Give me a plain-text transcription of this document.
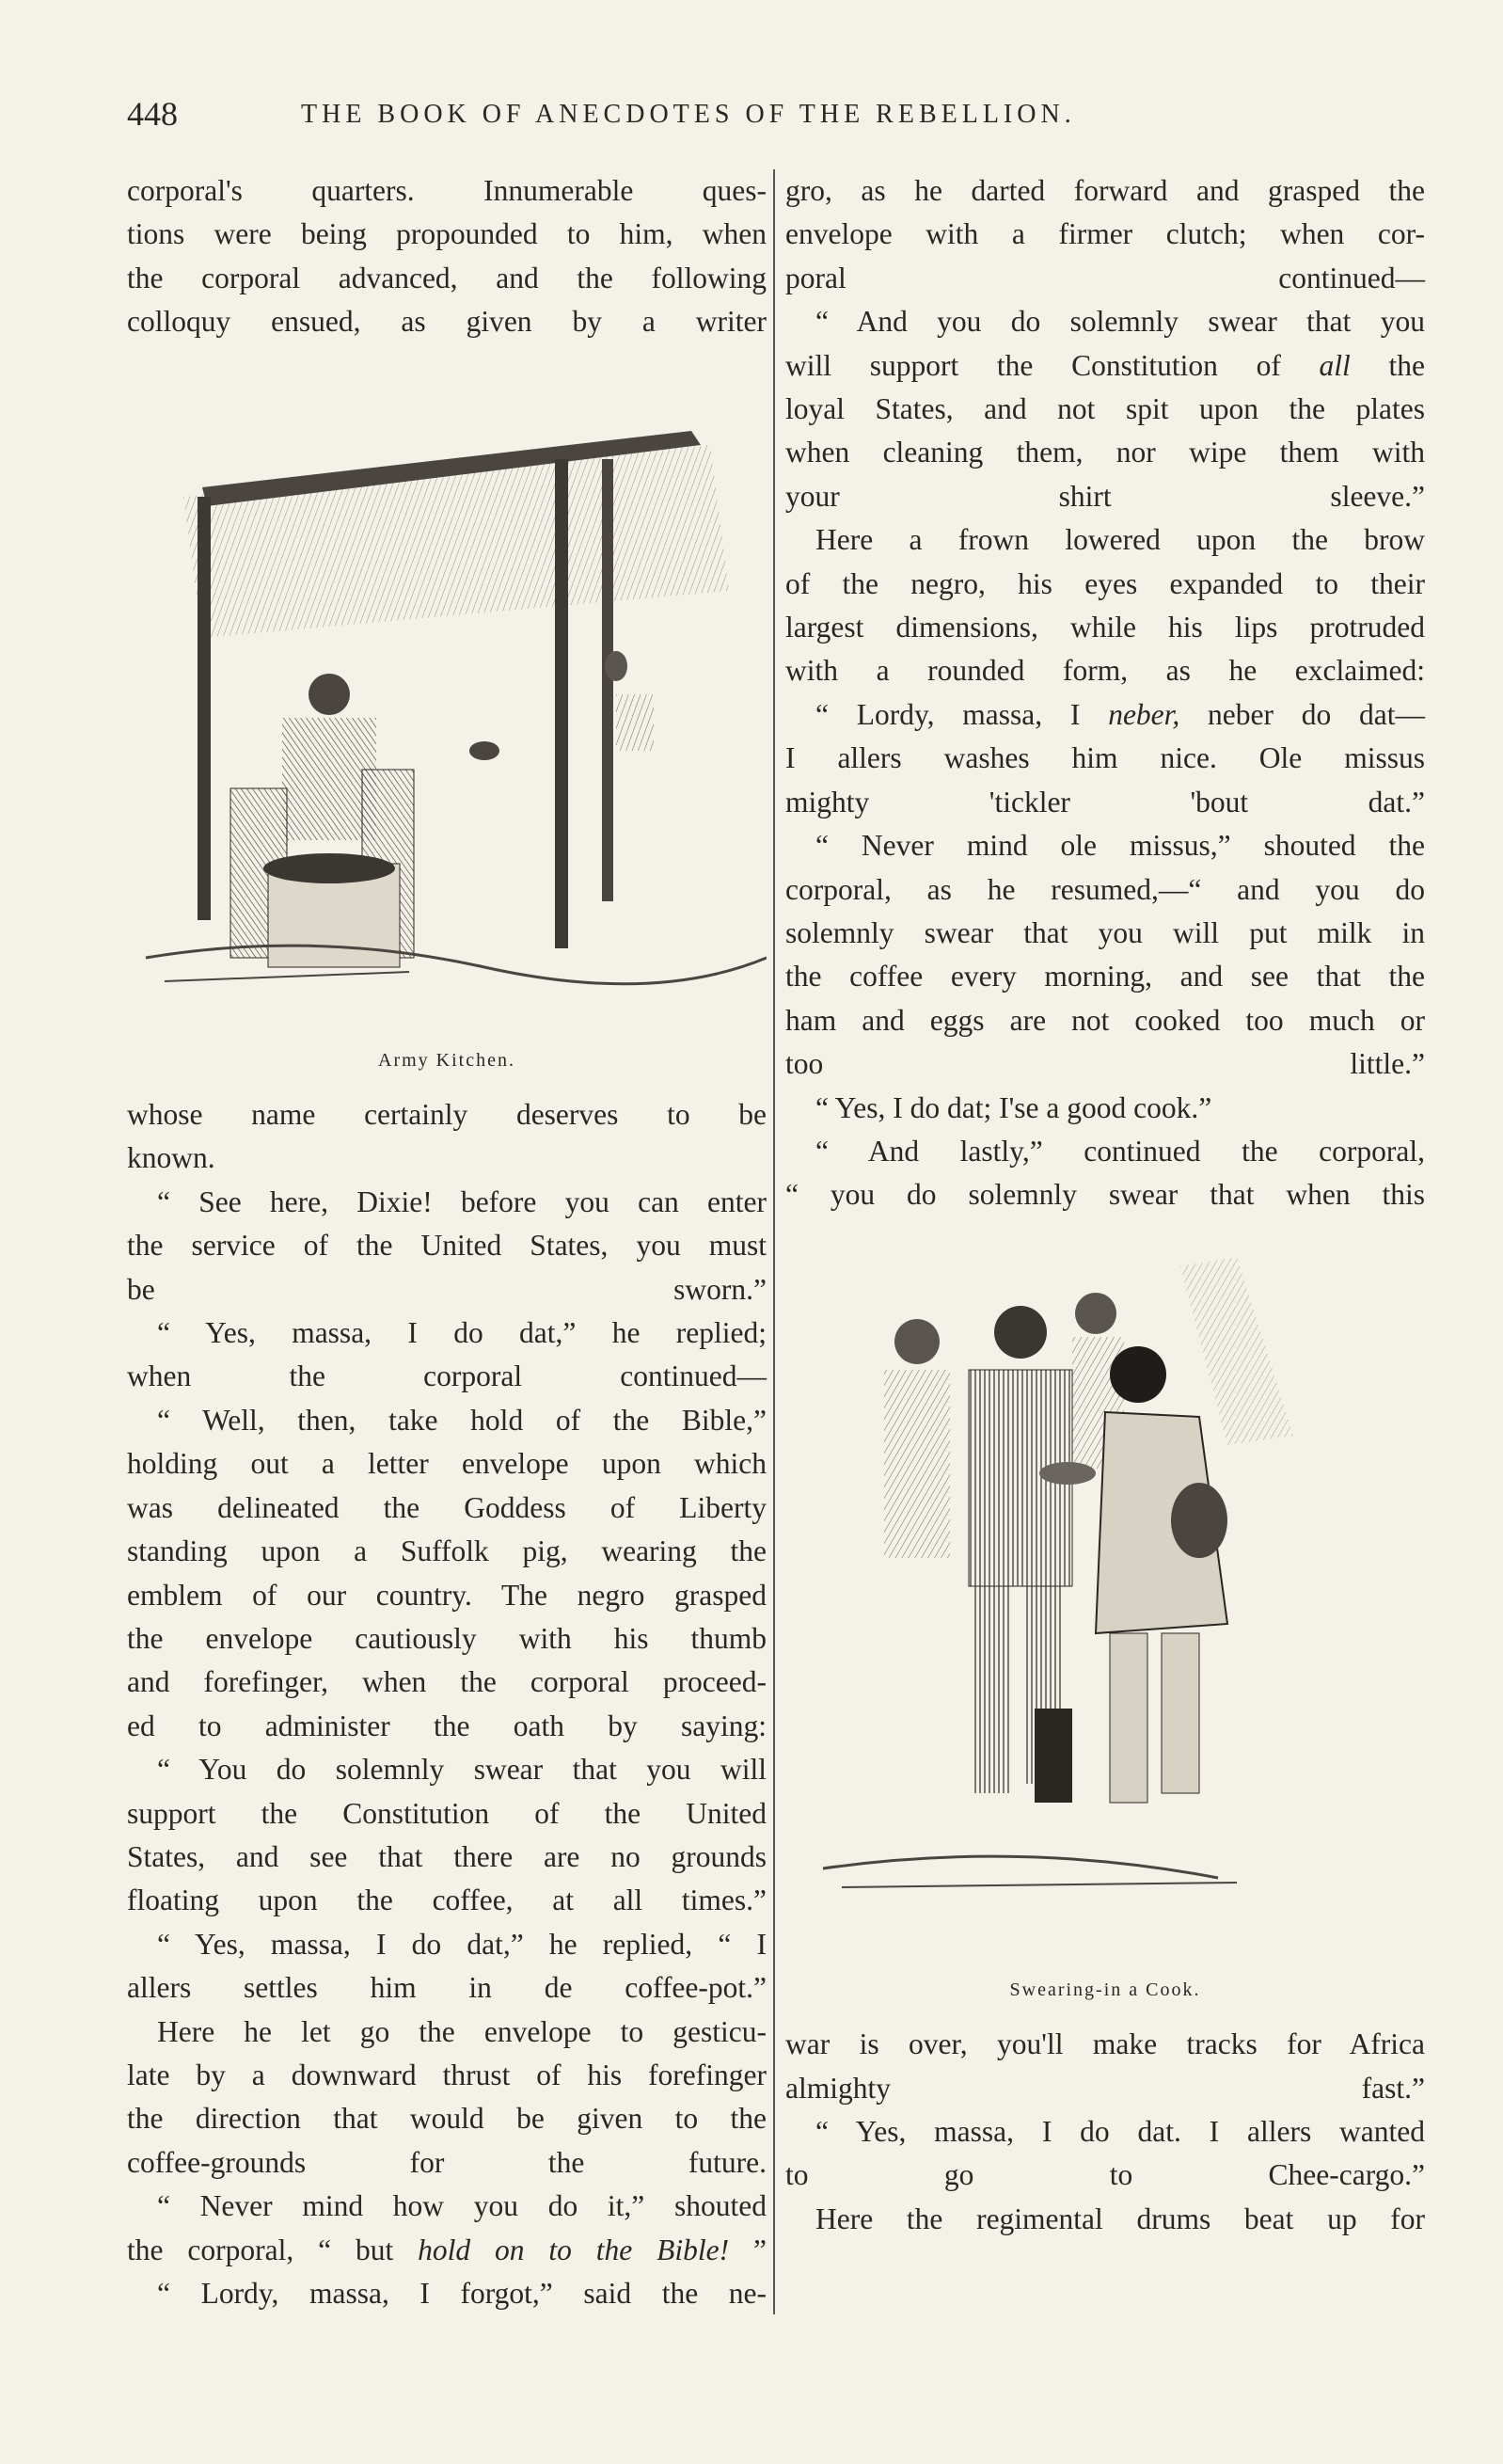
448	THE BOOK OF ANECDOTES OF THE REBELLION.

corporal's quarters. Innumerable ques-
tions were being propounded to him, when
the corporal advanced, and the following
colloquy ensued, as given by a writer

Army Kitchen.

whose name certainly deserves to be
known.

“ See here, Dixie! before you can enter
the service of the United States, you must
be sworn.”

“ Yes, massa, I do dat,” he replied;
when the corporal continued—

“ Well, then, take hold of the Bible,”
holding out a letter envelope upon which
was delineated the Goddess of Liberty
standing upon a Suffolk pig, wearing the
emblem of our country. The negro grasped
the envelope cautiously with his thumb
and forefinger, when the corporal proceed-
ed to administer the oath by saying:

“ You do solemnly swear that you will
support the Constitution of the United
States, and see that there are no grounds
floating upon the coffee, at all times.”

“ Yes, massa, I do dat,” he replied, “ I
allers settles him in de coffee-pot.”

Here he let go the envelope to gesticu-
late by a downward thrust of his forefinger
the direction that would be given to the
coffee-grounds for the future.

“ Never mind how you do it,” shouted
the corporal, “ but hold on to the Bible! ”

“ Lordy, massa, I forgot,” said the ne-

gro, as he darted forward and grasped the
envelope with a firmer clutch; when cor-
poral continued—

“ And you do solemnly swear that you
will support the Constitution of all the
loyal States, and not spit upon the plates
when cleaning them, nor wipe them with
your shirt sleeve.”

Here a frown lowered upon the brow
of the negro, his eyes expanded to their
largest dimensions, while his lips protruded
with a rounded form, as he exclaimed:

“ Lordy, massa, I neber, neber do dat—
I allers washes him nice. Ole missus
mighty 'tickler 'bout dat.”

“ Never mind ole missus,” shouted the
corporal, as he resumed,—“ and you do
solemnly swear that you will put milk in
the coffee every morning, and see that the
ham and eggs are not cooked too much or
too little.”

“ Yes, I do dat; I'se a good cook.”

“ And lastly,” continued the corporal,
“ you do solemnly swear that when this

Swearing-in a Cook.

war is over, you'll make tracks for Africa
almighty fast.”

“ Yes, massa, I do dat. I allers wanted
to go to Chee-cargo.”

Here the regimental drums beat up for
